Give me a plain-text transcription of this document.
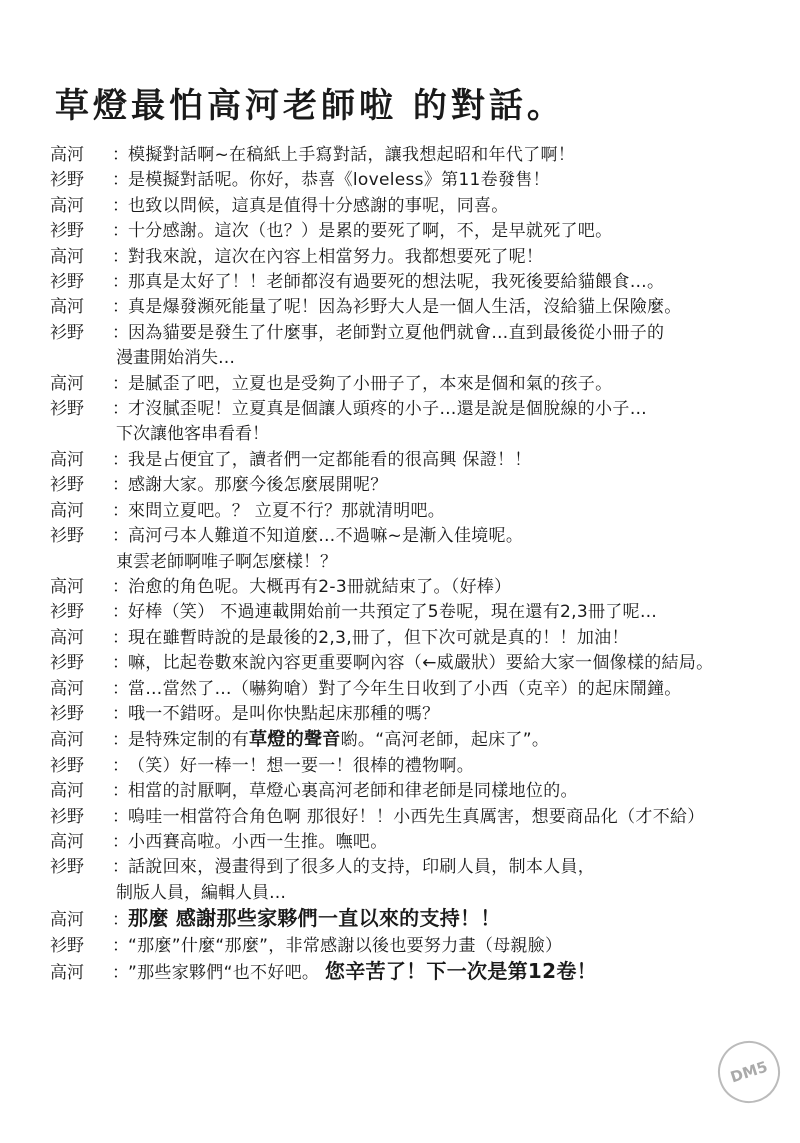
草燈最怕高河老師啦 的對話。
高河	： 模擬對話啊~在稿紙上手寫對話，讓我想起昭和年代了啊！
衫野	： 是模擬對話呢。你好，恭喜《loveless》第11卷發售！
高河	： 也致以問候，這真是值得十分感謝的事呢，同喜。
衫野	： 十分感謝。這次（也？）是累的要死了啊，不，是早就死了吧。
高河	： 對我來說，這次在內容上相當努力。我都想要死了呢！
衫野	： 那真是太好了！！老師都沒有過要死的想法呢，我死後要給貓餵食…。
高河	： 真是爆發瀕死能量了呢！因為衫野大人是一個人生活，沒給貓上保險麼。
衫野	： 因為貓要是發生了什麼事，老師對立夏他們就會…直到最後從小冊子的
漫畫開始消失…
高河	： 是膩歪了吧，立夏也是受夠了小冊子了，本來是個和氣的孩子。
衫野	： 才沒膩歪呢！立夏真是個讓人頭疼的小子…還是說是個脫線的小子…
下次讓他客串看看！
高河	： 我是占便宜了，讀者們一定都能看的很高興 保證！！
衫野	： 感謝大家。那麼今後怎麼展開呢？
高河	： 來問立夏吧。？ 立夏不行？那就清明吧。
衫野	： 高河弓本人難道不知道麼…不過嘛~是漸入佳境呢。
東雲老師啊唯子啊怎麼樣！？
高河	： 治愈的角色呢。大概再有2-3冊就結束了。（好棒）
衫野	： 好棒（笑） 不過連載開始前一共預定了5卷呢，現在還有2,3冊了呢…
高河	： 現在雖暫時說的是最後的2,3,冊了，但下次可就是真的！！加油！
衫野	： 嘛，比起卷數來說內容更重要啊內容（←威嚴狀）要給大家一個像樣的結局。
高河	： 當…當然了…（嚇夠嗆）對了今年生日收到了小西（克辛）的起床鬧鐘。
衫野	： 哦一不錯呀。是叫你快點起床那種的嗎？
高河	： 是特殊定制的有草燈的聲音喲。“高河老師，起床了”。
衫野	： （笑）好一棒一！想一要一！很棒的禮物啊。
高河	： 相當的討厭啊，草燈心裏高河老師和律老師是同樣地位的。
衫野	： 嗚哇一相當符合角色啊 那很好！！小西先生真厲害，想要商品化（才不給）
高河	： 小西賽高啦。小西一生推。嘸吧。
衫野	： 話說回來，漫畫得到了很多人的支持，印刷人員，制本人員，
制版人員，編輯人員…
高河	： 那麼 感謝那些家夥們一直以來的支持！！
衫野	： “那麼”什麼“那麼”，非常感謝以後也要努力畫（母親臉）
高河	： ”那些家夥們“也不好吧。 您辛苦了！下一次是第12卷！
DM5
